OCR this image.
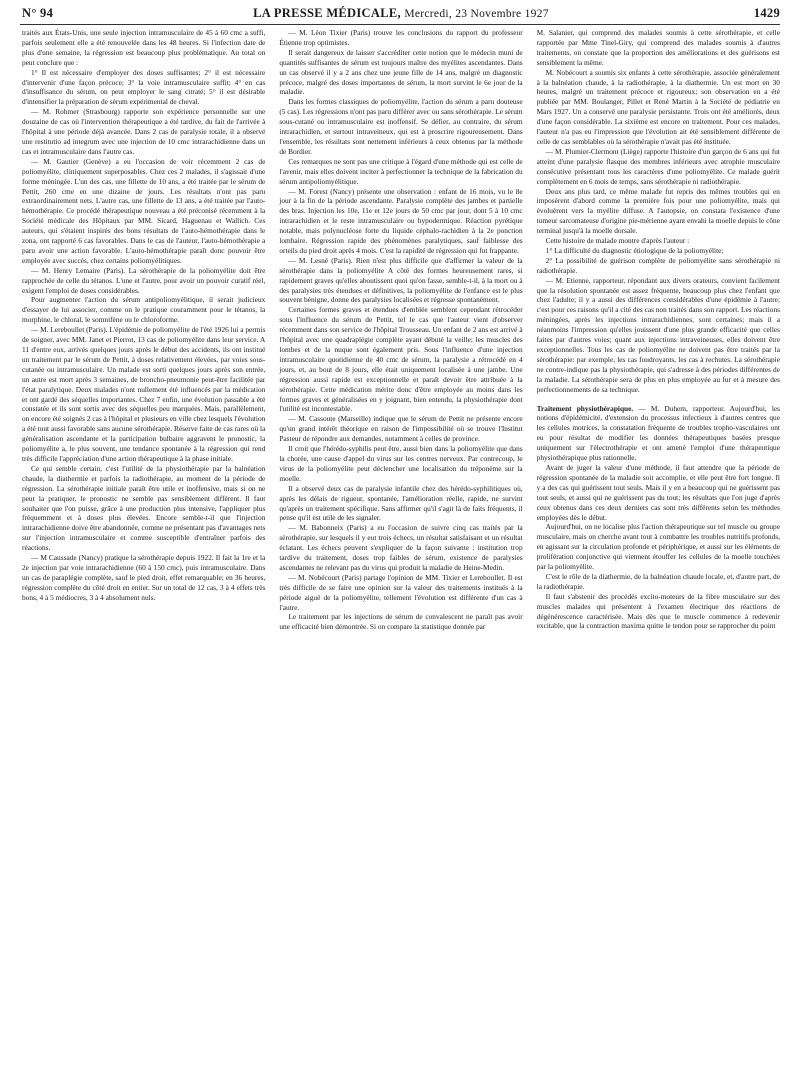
N° 94	LA PRESSE MÉDICALE, Mercredi, 23 Novembre 1927	1429

traités aux États-Unis, une seule injection intramusculaire de 45 à 60 cmc a suffi, parfois seulement elle a été renouvelée dans les 48 heures. Si l'infection date de plus d'une semaine, la régression est beaucoup plus problématique. Au total on peut conclure que :

1° Il est nécessaire d'employer des doses suffisantes; 2° il est nécessaire d'intervenir d'une façon précoce; 3° la voie intramusculaire suffit; 4° en cas d'insuffisance du sérum, on peut employer le sang citraté; 5° il est désirable d'intensifier la préparation de sérum expérimental de cheval.

— M. Rohmer (Strasbourg) rapporte son expérience personnelle sur une douzaine de cas où l'intervention thérapeutique a été tardive, du fait de l'arrivée à l'hôpital à une période déjà avancée. Dans 2 cas de paralysie totale, il a observé une restitutio ad integrum avec une injection de 10 cmc intrarachidienne dans un cas et intramusculaire dans l'autre cas.

— M. Gautier (Genève) a eu l'occasion de voir récemment 2 cas de poliomyélite, cliniquement superposables. Chez ces 2 malades, il s'agissait d'une forme méningée. L'un des cas, une fillette de 10 ans, a été traitée par le sérum de Pettit, 260 cme en une dizaine de jours. Les résultats n'ont pas paru extraordinairement nets. L'autre cas, une fillette de 13 ans, a été traitée par l'auto-hémothérapie. Ce procédé thérapeutique nouveau a été préconisé récemment à la Société médicale des Hôpitaux par MM. Sicard, Haguenau et Wallich. Ces auteurs, qui s'étaient inspirés des bons résultats de l'auto-hémothérapie dans le zona, ont rapporté 6 cas favorables. Dans le cas de l'auteur, l'auto-hémothérapie a paru avoir une action favorable. L'auto-hémothérapie paraît donc pouvoir être employée avec succès, chez certains poliomyélitiques.

— M. Henry Lemaire (Paris). La sérothérapie de la poliomyélite doit être rapprochée de celle du tétanos. L'une et l'autre, pour avoir un pouvoir curatif réel, exigent l'emploi de doses considérables.

Pour augmenter l'action du sérum antipoliomyélitique, il serait judicieux d'essayer de lui associer, comme on le pratique couramment pour le tétanos, la morphine, le chloral, le somnifène ou le chloroforme.

— M. Lereboullet (Paris). L'épidémie de poliomyélite de l'été 1926 lui a permis de soigner, avec MM. Janet et Pierrot, 13 cas de poliomyélite dans leur service. A 11 d'entre eux, arrivés quelques jours après le début des accidents, ils ont institué un traitement par le sérum de Pettit, à doses relativement élevées, par voies sous-cutanée ou intramusculaire. Un malade est sorti quelques jours après son entrée, un autre est mort après 3 semaines, de broncho-pneumonie peut-être facilitée par l'état paralytique. Deux malades n'ont nullement été influencés par la médication et ont gardé des séquelles importantes. Chez 7 enfin, une évolution passable a été constatée et ils sont sortis avec des séquelles peu marquées. Mais, parallèlement, on encore été soignés 2 cas à l'hôpital et plusieurs en ville chez lesquels l'évolution a été tout aussi favorable sans aucune sérothérapie. Réserve faite de cas rares où la généralisation ascendante et la participation bulbaire aggravent le pronostic, la poliomyélite a, le plus souvent, une tendance spontanée à la régression qui rend très difficile l'appréciation d'une action thérapeutique à la phase initiale.

Ce qui semble certain, c'est l'utilité de la physiothérapie par la balnéation chaude, la diathermie et parfois la radiothérapie, au moment de la période de régression. La sérothérapie initiale paraît être utile et inoffensive, mais si on ne peut la pratiquer, le pronostic ne semble pas sensiblement différent. Il faut souhaiter que l'on puisse, grâce à une production plus intensive, l'appliquer plus fréquemment et à doses plus élevées. Encore semble-t-il que l'injection intrarachidienne doive être abandonnée, comme ne présentant pas d'avantages nets sur l'injection intramusculaire et comme susceptible d'entraîner parfois des réactions.

— M Caussade (Nancy) pratique la sérothérapie depuis 1922. Il fait la 1re et la 2e injection par voie intrarachidienne (60 à 150 cmc), puis intramusculaire. Dans un cas de paraplégie complète, sauf le pied droit, effet remarquable; en 36 heures, régression complète du côté droit en entier. Sur un total de 12 cas, 3 à 4 effets très bons, 4 à 5 médiocres, 3 à 4 absolument nuls.

— M. Léon Tixier (Paris) trouve les conclusions du rapport du professeur Étienne trop optimistes.

Il serait dangereux de laisser s'accréditer cette notion que le médecin muni de quantités suffisantes de sérum est toujours maître des myélites ascendantes. Dans un cas observé il y a 2 ans chez une jeune fille de 14 ans, malgré un diagnostic précoce, malgré des doses importantes de sérum, la mort survint le 6e jour de la maladie.

Dans les formes classiques de poliomyélite, l'action du sérum a paru douteuse (5 cas). Les régressions n'ont pas paru différer avec ou sans sérothérapie. Le sérum sous-cutané ou intramusculaire est inoffensif. Se défier, au contraire, du sérum intrarachidien, et surtout intraveineux, qui est à proscrire rigoureusement. Dans l'ensemble, les résultats sont nettement inférieurs à ceux obtenus par la méthode de Bordier.

Ces remarques ne sont pas une critique à l'égard d'une méthode qui est celle de l'avenir, mais elles doivent inciter à perfectionner la technique de la fabrication du sérum antipoliomyélitique.

— M. Forest (Nancy) présente une observation : enfant de 16 mois, vu le 8e jour à la fin de la période ascendante. Paralysie complète des jambes et partielle des bras. Injection les 10e, 11e et 12e jours de 50 cmc par jour, dont 5 à 10 cmc intrarachidien et le reste intramusculaire ou hypodermique. Réaction pyrétique notable, mais polynucléose forte du liquide céphalo-rachidien à la 2e ponction lombaire. Régression rapide des phénomènes paralytiques, sauf faiblesse des orteils du pied droit après 4 mois. C'est la rapidité de régression qui fut frappante.

— M. Lesné (Paris). Rien n'est plus difficile que d'affirmer la valeur de la sérothérapie dans la poliomyélite A côté des formes heureusement rares, si rapidement graves qu'elles aboutissent quoi qu'on fasse, semble-t-il, à la mort ou à des paralysies très étendues et définitives, la poliomyélite de l'enfance est le plus souvent bénigne, donne des paralysies localisées et régresse spontanément.

Certaines formes graves et étendues d'emblée semblent cependant rétrocéder sous l'influence du sérum de Pettit, tel le cas que l'auteur vient d'observer récemment dans son service de l'hôpital Trousseau. Un enfant de 2 ans est arrivé à l'hôpital avec une quadraplégie complète ayant débuté la veille; les muscles des lombes et de la nuque sont également pris. Sous l'influence d'une injection intramusculaire quotidienne de 40 cmc de sérum, la paralysie a rétrocédé en 4 jours, et, au bout de 8 jours, elle était uniquement localisée à une jambe. Une régression aussi rapide est exceptionnelle et paraît devoir être attribuée à la sérothérapie. Cette médication mérite donc d'être employée au moins dans les formes graves et généralisées en y joignant, bien entendu, la physiothérapie dont l'utilité est incontestable.

— M. Cassoute (Marseille) indique que le sérum de Pettit ne présente encore qu'un grand intérêt théorique en raison de l'impossibilité où se trouve l'Institut Pasteur de répondre aux demandes, notamment à celles de province.

Il croit que l'hérédo-syphilis peut être, aussi bien dans la poliomyélite que dans la chorée, une cause d'appel du virus sur les centres nerveux. Par contrecoup, le virus de la poliomyélite peut déclencher une localisation du tréponème sur la moelle.

Il a observé deux cas de paralysie infantile chez des hérédo-syphilitiques où, après les délais de rigueur, spontanée, l'amélioration réelle, rapide, ne survint qu'après un traitement spécifique. Sans affirmer qu'il s'agit là de faits fréquents, il pense qu'il est utile de les signaler.

— M. Babonneix (Paris) a eu l'occasion de suivre cinq cas traités par la sérothérapie, sur lesquels il y eut trois échecs, un résultat satisfaisant et un résultat éclatant. Les échecs peuvent s'expliquer de la façon suivante : institution trop tardive du traitement, doses trop faibles de sérum, existence de paralysies ascendantes ne relevant pas du virus qui produit la maladie de Heine-Medin.

— M. Nobécourt (Paris) partage l'opinion de MM. Tixier et Lereboullet. Il est très difficile de se faire une opinion sur la valeur des traitements institués à la période aiguë de la poliomyélite, tellement l'évolution est différente d'un cas à l'autre.

Le traitement par les injections de sérum de convalescent ne paraît pas avoir une efficacité bien démontrée. Si on compare la statistique donnée par

M. Salanier, qui comprend des malades soumis à cette sérothérapie, et celle rapportée par Mme Tinel-Giry, qui comprend des malades soumis à d'autres traitements, on constate que la proportion des améliorations et des guérisons est sensiblement la même.

M. Nobécourt a soumis six enfants à cette sérothérapie, associée généralement à la balnéation chaude, à la radiothérapie, à la diathermie. Un est mort en 30 heures, malgré un traitement précoce et rigoureux; son observation en a été publiée par MM. Boulanger, Pillet et René Martin à la Société de pédiatrie en Mars 1927. Un a conservé une paralysie persistante. Trois ont été améliorés, deux d'une façon considérable. La sixième est encore en traitement. Pour ces malades, l'auteur n'a pas eu l'impression que l'évolution ait été sensiblement différente de celle de cas semblables où la sérothérapie n'avait pas été instituée.

— M. Plumier-Clermont (Liège) rapporte l'histoire d'un garçon de 6 ans qui fut atteint d'une paralysie flasque des membres inférieurs avec atrophie musculaire consécutive présentant tous les caractères d'une poliomyélite. Ce malade guérit complètement en 6 mois de temps, sans sérothérapie ni radiothérapie.

Deux ans plus tard, ce même malade fut repris des mêmes troubles qui en imposèrent d'abord comme la première fois pour une poliomyélite, mais qui évoluèrent vers la myélite diffuse. A l'autopsie, on constata l'existence d'une tumeur sarcomateuse d'origine pie-mérienne ayant envahi la moelle depuis le cône terminal jusqu'à la moelle dorsale.

Cette histoire de malade montre d'après l'auteur :

1° La difficulté du diagnostic étiologique de la poliomyélite;

2° La possibilité de guérison complète de poliomyélite sans sérothérapie ni radiothérapie.

— M. Etienne, rapporteur, répondant aux divers orateurs, convient facilement que la résolution spontanée est assez fréquente, beaucoup plus chez l'enfant que chez l'adulte; il y a aussi des différences considérables d'une épidémie à l'autre; c'est pour ces raisons qu'il a cité des cas non traités dans son rapport. Les réactions méningées, après les injections intrarachidiennes, sont certaines; mais il a néanmoins l'impression qu'elles jouissent d'une plus grande efficacité que celles faites par d'autres voies; quant aux injections intraveineuses, elles doivent être exceptionnelles. Tous les cas de poliomyélite ne doivent pas être traités par la sérothérapie: par exemple, les cas foudroyants, les cas à rechutes. La sérothérapie ne contre-indique pas la physiothérapie, qui s'adresse à des périodes différentes de la maladie. La sérothérapie sera de plus en plus employée au fur et à mesure des perfectionnements de sa technique.

Traitement physiothérapique. — M. Duhem, rapporteur. Aujourd'hui, les notions d'épidémicité, d'extension du processus infectieux à d'autres centres que les cellules motrices, la constatation fréquente de troubles tropho-vasculaires ont eu pour résultat de modifier les données thérapeutiques basées presque uniquement sur l'électrothérapie et ont amené l'emploi d'une thérapeutique physiothérapique plus rationnelle.

Avant de juger la valeur d'une méthode, il faut attendre que la période de régression spontanée de la maladie soit accomplie, et elle peut être fort longue. Il y a des cas qui guérissent tout seuls. Mais il y en a beaucoup qui ne guérissent pas tout seuls, et aussi qui ne guérissent pas du tout; les résultats que l'on juge d'après ceux obtenus dans ces deux derniers cas sont très différents selon les méthodes employées dès le début.

Aujourd'hui, on ne localise plus l'action thérapeutique sur tel muscle ou groupe musculaire, mais on cherche avant tout à combattre les troubles nutritifs profonds, en agissant sur la circulation profonde et périphérique, et aussi sur les éléments de prolifération conjonctive qui viennent étouffer les cellules de la moelle touchées par la poliomyélite.

C'est le rôle de la diathermie, de la balnéation chaude locale, et, d'autre part, de la radiothérapie.

Il faut s'abstenir des procédés excito-moteurs de la fibre musculaire sur des muscles malades qui présentent à l'examen électrique des réactions de dégénérescence caractérisée. Mais dès que le muscle commence à redevenir excitable, que la contraction maxima quitte le tendon pour se rapprocher du point
